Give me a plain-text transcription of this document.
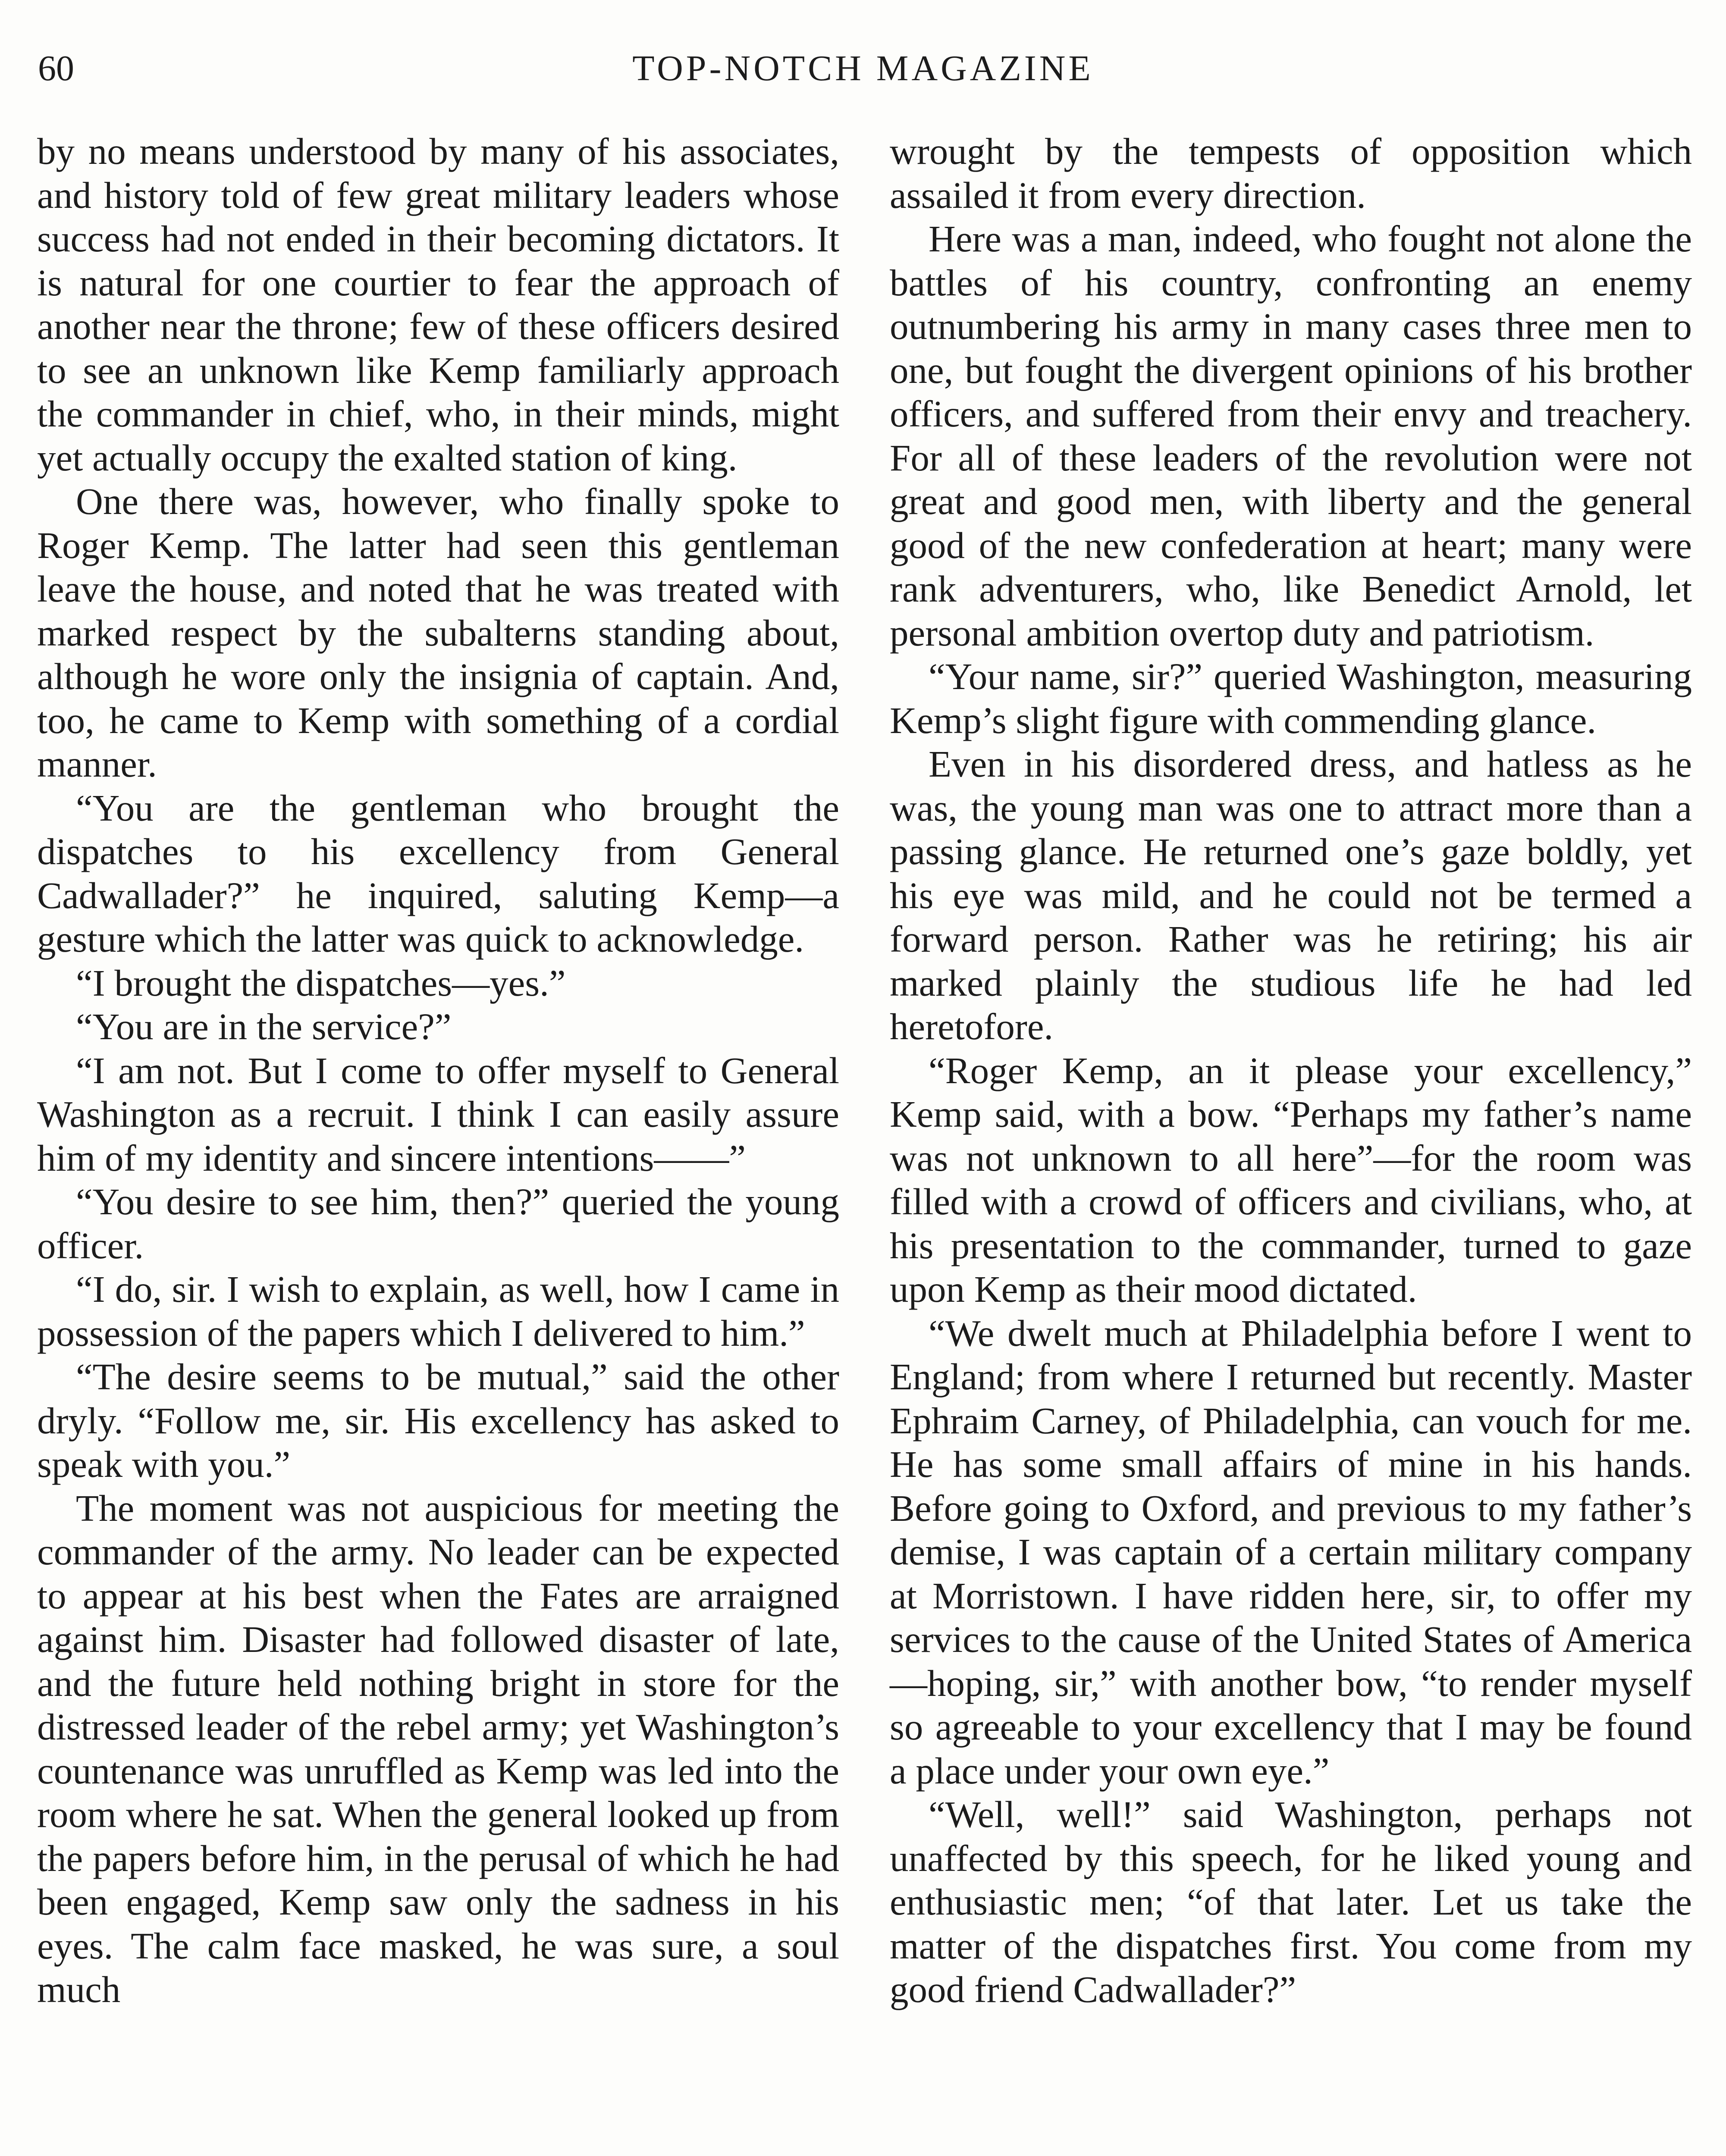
60	TOP-NOTCH MAGAZINE

by no means understood by many of his associates, and history told of few great military leaders whose success had not ended in their becoming dictators. It is natural for one courtier to fear the approach of another near the throne; few of these officers desired to see an unknown like Kemp familiarly approach the commander in chief, who, in their minds, might yet actually occupy the exalted station of king.

One there was, however, who finally spoke to Roger Kemp. The latter had seen this gentleman leave the house, and noted that he was treated with marked respect by the subalterns standing about, although he wore only the insignia of captain. And, too, he came to Kemp with something of a cordial manner.

“You are the gentleman who brought the dispatches to his excellency from General Cadwallader?” he inquired, saluting Kemp—a gesture which the latter was quick to acknowledge.

“I brought the dispatches—yes.”

“You are in the service?”

“I am not. But I come to offer myself to General Washington as a recruit. I think I can easily assure him of my identity and sincere intentions——”

“You desire to see him, then?” queried the young officer.

“I do, sir. I wish to explain, as well, how I came in possession of the papers which I delivered to him.”

“The desire seems to be mutual,” said the other dryly. “Follow me, sir. His excellency has asked to speak with you.”

The moment was not auspicious for meeting the commander of the army. No leader can be expected to appear at his best when the Fates are arraigned against him. Disaster had followed disaster of late, and the future held nothing bright in store for the distressed leader of the rebel army; yet Washington’s countenance was unruffled as Kemp was led into the room where he sat. When the general looked up from the papers before him, in the perusal of which he had been engaged, Kemp saw only the sadness in his eyes. The calm face masked, he was sure, a soul much

wrought by the tempests of opposition which assailed it from every direction.

Here was a man, indeed, who fought not alone the battles of his country, confronting an enemy outnumbering his army in many cases three men to one, but fought the divergent opinions of his brother officers, and suffered from their envy and treachery. For all of these leaders of the revolution were not great and good men, with liberty and the general good of the new confederation at heart; many were rank adventurers, who, like Benedict Arnold, let personal ambition overtop duty and patriotism.

“Your name, sir?” queried Washington, measuring Kemp’s slight figure with commending glance.

Even in his disordered dress, and hatless as he was, the young man was one to attract more than a passing glance. He returned one’s gaze boldly, yet his eye was mild, and he could not be termed a forward person. Rather was he retiring; his air marked plainly the studious life he had led heretofore.

“Roger Kemp, an it please your excellency,” Kemp said, with a bow. “Perhaps my father’s name was not unknown to all here”—for the room was filled with a crowd of officers and civilians, who, at his presentation to the commander, turned to gaze upon Kemp as their mood dictated.

“We dwelt much at Philadelphia before I went to England; from where I returned but recently. Master Ephraim Carney, of Philadelphia, can vouch for me. He has some small affairs of mine in his hands. Before going to Oxford, and previous to my father’s demise, I was captain of a certain military company at Morristown. I have ridden here, sir, to offer my services to the cause of the United States of America —hoping, sir,” with another bow, “to render myself so agreeable to your excellency that I may be found a place under your own eye.”

“Well, well!” said Washington, perhaps not unaffected by this speech, for he liked young and enthusiastic men; “of that later. Let us take the matter of the dispatches first. You come from my good friend Cadwallader?”
